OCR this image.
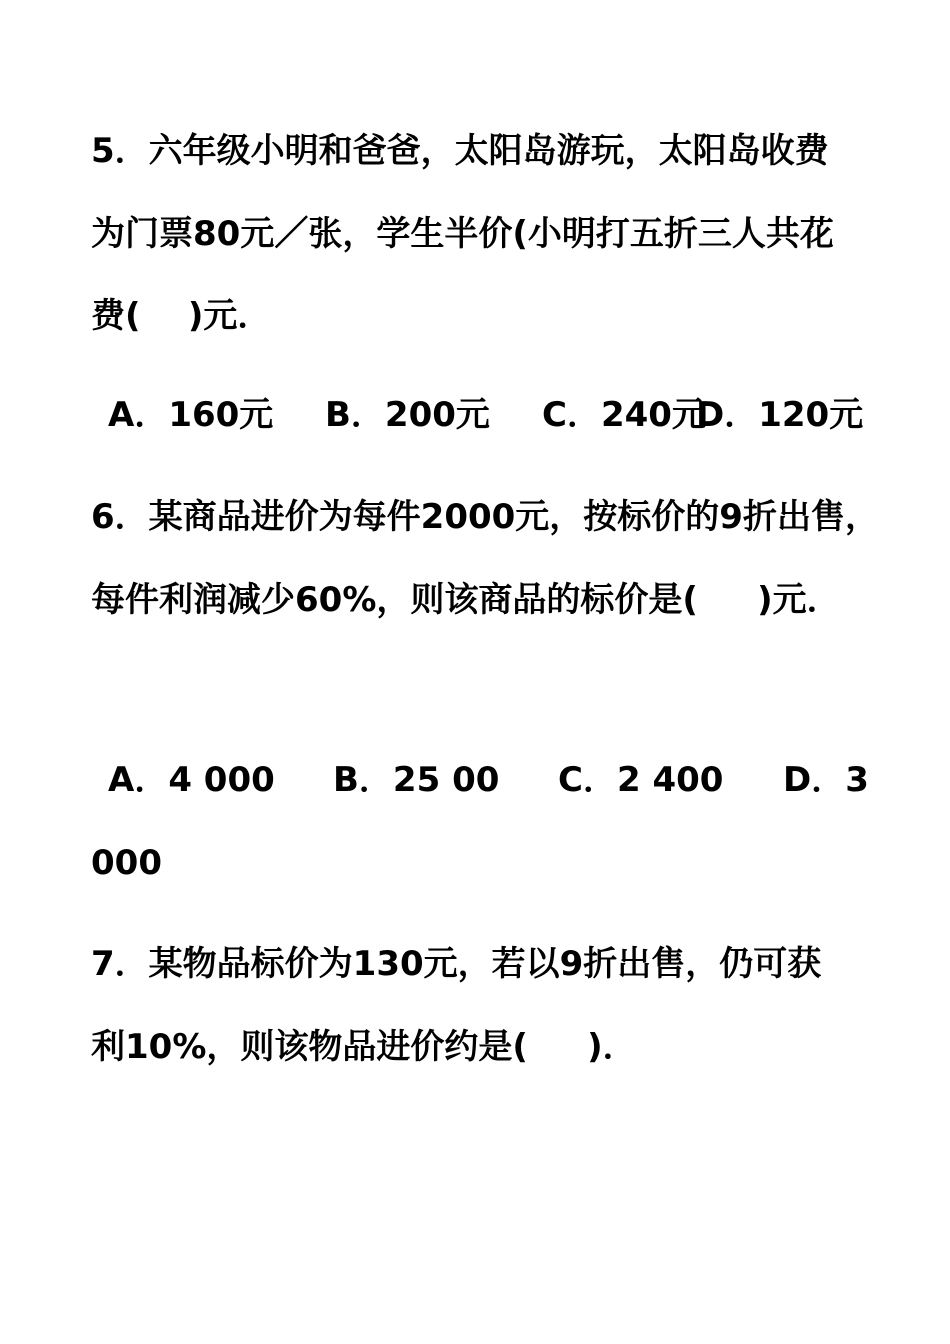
5．六年级小明和爸爸，太阳岛游玩，太阳岛收费
为门票80元／张，学生半价(小明打五折三人共花
费(    )元．
A．160元 B．200元 C．240元
D．120元
6．某商品进价为每件2000元，按标价的9折出售，
每件利润减少60%，则该商品的标价是(     )元．
A．4 000 B．25 00 C．2 400 D．3
000
7．某物品标价为130元，若以9折出售，仍可获
利10%，则该物品进价约是(     )．
